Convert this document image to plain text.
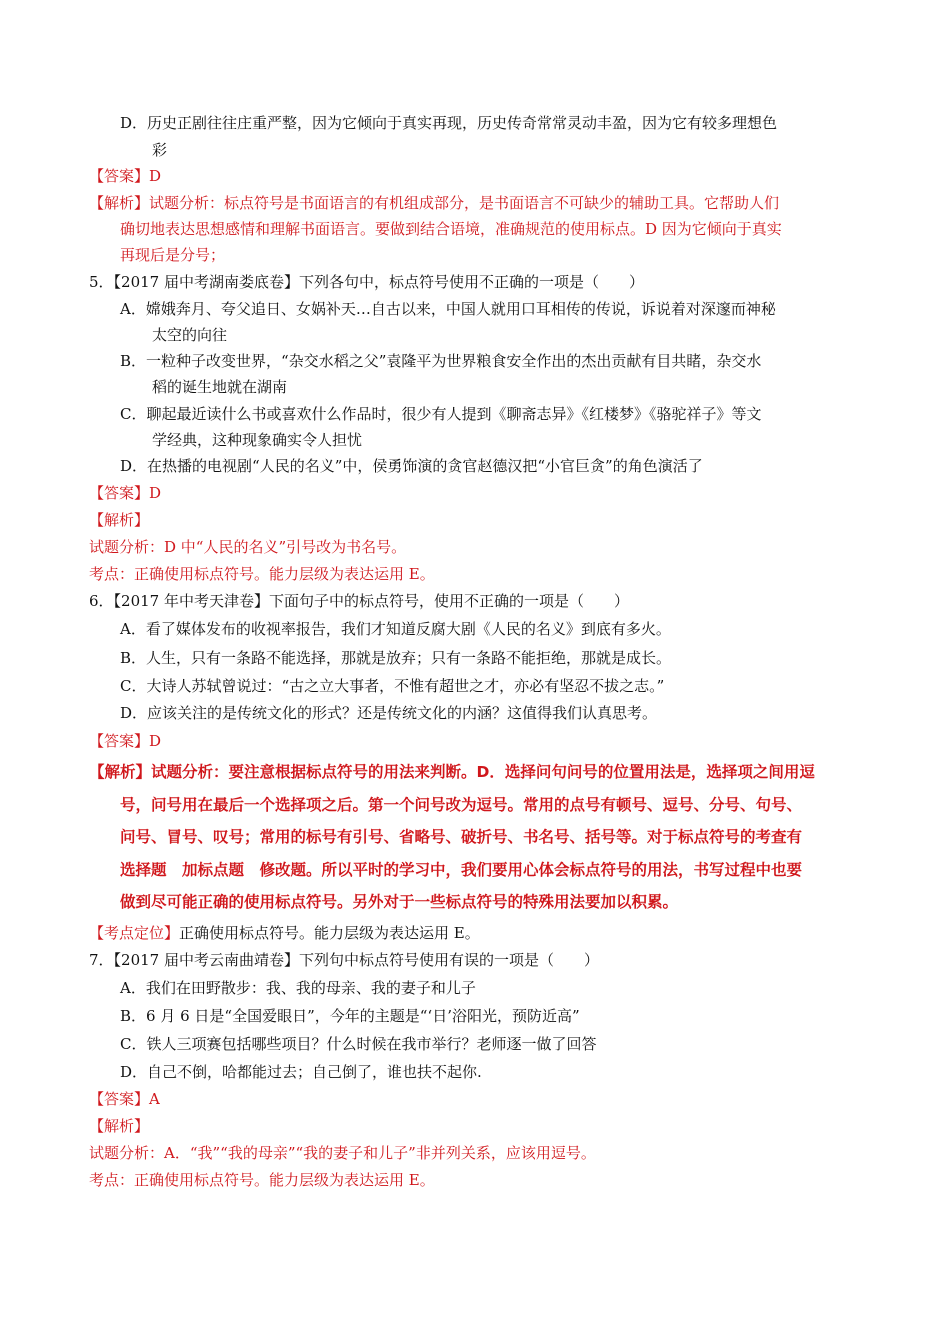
D．历史正剧往往庄重严整，因为它倾向于真实再现，历史传奇常常灵动丰盈，因为它有较多理想色
彩
【答案】D
【解析】试题分析：标点符号是书面语言的有机组成部分，是书面语言不可缺少的辅助工具。它帮助人们
确切地表达思想感情和理解书面语言。要做到结合语境，准确规范的使用标点。D 因为它倾向于真实
再现后是分号；
5．【2017 届中考湖南娄底卷】下列各句中，标点符号使用不正确的一项是（　　）
A．嫦娥奔月、夸父追日、女娲补天…自古以来，中国人就用口耳相传的传说，诉说着对深邃而神秘
太空的向往
B．一粒种子改变世界，“杂交水稻之父”袁隆平为世界粮食安全作出的杰出贡献有目共睹，杂交水
稻的诞生地就在湖南
C．聊起最近读什么书或喜欢什么作品时，很少有人提到《聊斋志异》《红楼梦》《骆驼祥子》等文
学经典，这种现象确实令人担忧
D．在热播的电视剧“人民的名义”中，侯勇饰演的贪官赵德汉把“小官巨贪”的角色演活了
【答案】D
【解析】
试题分析：D 中“人民的名义”引号改为书名号。
考点：正确使用标点符号。能力层级为表达运用 E。
6．【2017 年中考天津卷】下面句子中的标点符号，使用不正确的一项是（　　）
A．看了媒体发布的收视率报告，我们才知道反腐大剧《人民的名义》到底有多火。
B．人生，只有一条路不能选择，那就是放弃；只有一条路不能拒绝，那就是成长。
C．大诗人苏轼曾说过：“古之立大事者，不惟有超世之才，亦必有坚忍不拔之志。”
D．应该关注的是传统文化的形式？还是传统文化的内涵？这值得我们认真思考。
【答案】D
【解析】试题分析：要注意根据标点符号的用法来判断。D．选择问句问号的位置用法是，选择项之间用逗
号，问号用在最后一个选择项之后。第一个问号改为逗号。常用的点号有顿号、逗号、分号、句号、
问号、冒号、叹号；常用的标号有引号、省略号、破折号、书名号、括号等。对于标点符号的考查有
选择题　加标点题　修改题。所以平时的学习中，我们要用心体会标点符号的用法，书写过程中也要
做到尽可能正确的使用标点符号。另外对于一些标点符号的特殊用法要加以积累。
【考点定位】正确使用标点符号。能力层级为表达运用 E。
7．【2017 届中考云南曲靖卷】下列句中标点符号使用有误的一项是（　　）
A．我们在田野散步：我、我的母亲、我的妻子和儿子
B．6 月 6 日是“全国爱眼日”，今年的主题是“‘日’浴阳光，预防近高”
C．铁人三项赛包括哪些项目？什么时候在我市举行？老师逐一做了回答
D．自己不倒，哈都能过去；自己倒了，谁也扶不起你.
【答案】A
【解析】
试题分析：A．“我”“我的母亲”“我的妻子和儿子”非并列关系，应该用逗号。
考点：正确使用标点符号。能力层级为表达运用 E。
